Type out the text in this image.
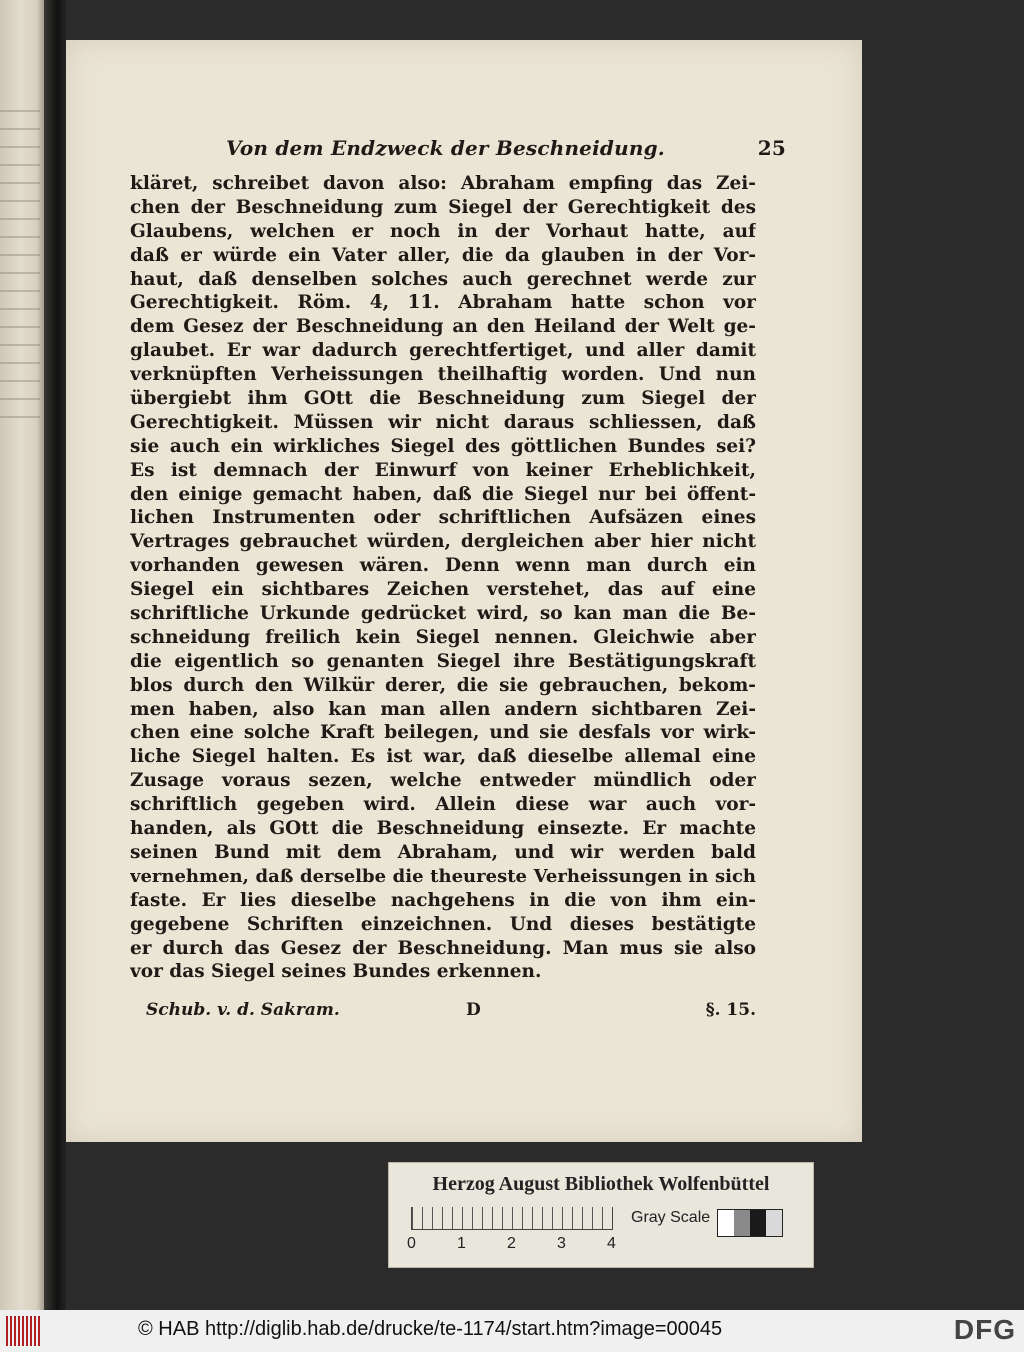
Von dem Endzweck der Beschneidung.	25
kläret, schreibet davon also: Abraham empfing das Zei-
chen der Beschneidung zum Siegel der Gerechtigkeit des
Glaubens, welchen er noch in der Vorhaut hatte, auf
daß er würde ein Vater aller, die da glauben in der Vor-
haut, daß denselben solches auch gerechnet werde zur
Gerechtigkeit. Röm. 4, 11. Abraham hatte schon vor
dem Gesez der Beschneidung an den Heiland der Welt ge-
glaubet. Er war dadurch gerechtfertiget, und aller damit
verknüpften Verheissungen theilhaftig worden. Und nun
übergiebt ihm GOtt die Beschneidung zum Siegel der
Gerechtigkeit. Müssen wir nicht daraus schliessen, daß
sie auch ein wirkliches Siegel des göttlichen Bundes sei?
Es ist demnach der Einwurf von keiner Erheblichkeit,
den einige gemacht haben, daß die Siegel nur bei öffent-
lichen Instrumenten oder schriftlichen Aufsäzen eines
Vertrages gebrauchet würden, dergleichen aber hier nicht
vorhanden gewesen wären. Denn wenn man durch ein
Siegel ein sichtbares Zeichen verstehet, das auf eine
schriftliche Urkunde gedrücket wird, so kan man die Be-
schneidung freilich kein Siegel nennen. Gleichwie aber
die eigentlich so genanten Siegel ihre Bestätigungskraft
blos durch den Wilkür derer, die sie gebrauchen, bekom-
men haben, also kan man allen andern sichtbaren Zei-
chen eine solche Kraft beilegen, und sie desfals vor wirk-
liche Siegel halten. Es ist war, daß dieselbe allemal eine
Zusage voraus sezen, welche entweder mündlich oder
schriftlich gegeben wird. Allein diese war auch vor-
handen, als GOtt die Beschneidung einsezte. Er machte
seinen Bund mit dem Abraham, und wir werden bald
vernehmen, daß derselbe die theureste Verheissungen in sich
faste. Er lies dieselbe nachgehens in die von ihm ein-
gegebene Schriften einzeichnen. Und dieses bestätigte
er durch das Gesez der Beschneidung. Man mus sie also
vor das Siegel seines Bundes erkennen.
Schub. v. d. Sakram.	D	§. 15.
Herzog August Bibliothek Wolfenbüttel
0	1	2	3	4
Gray Scale
© HAB http://diglib.hab.de/drucke/te-1174/start.htm?image=00045	DFG
